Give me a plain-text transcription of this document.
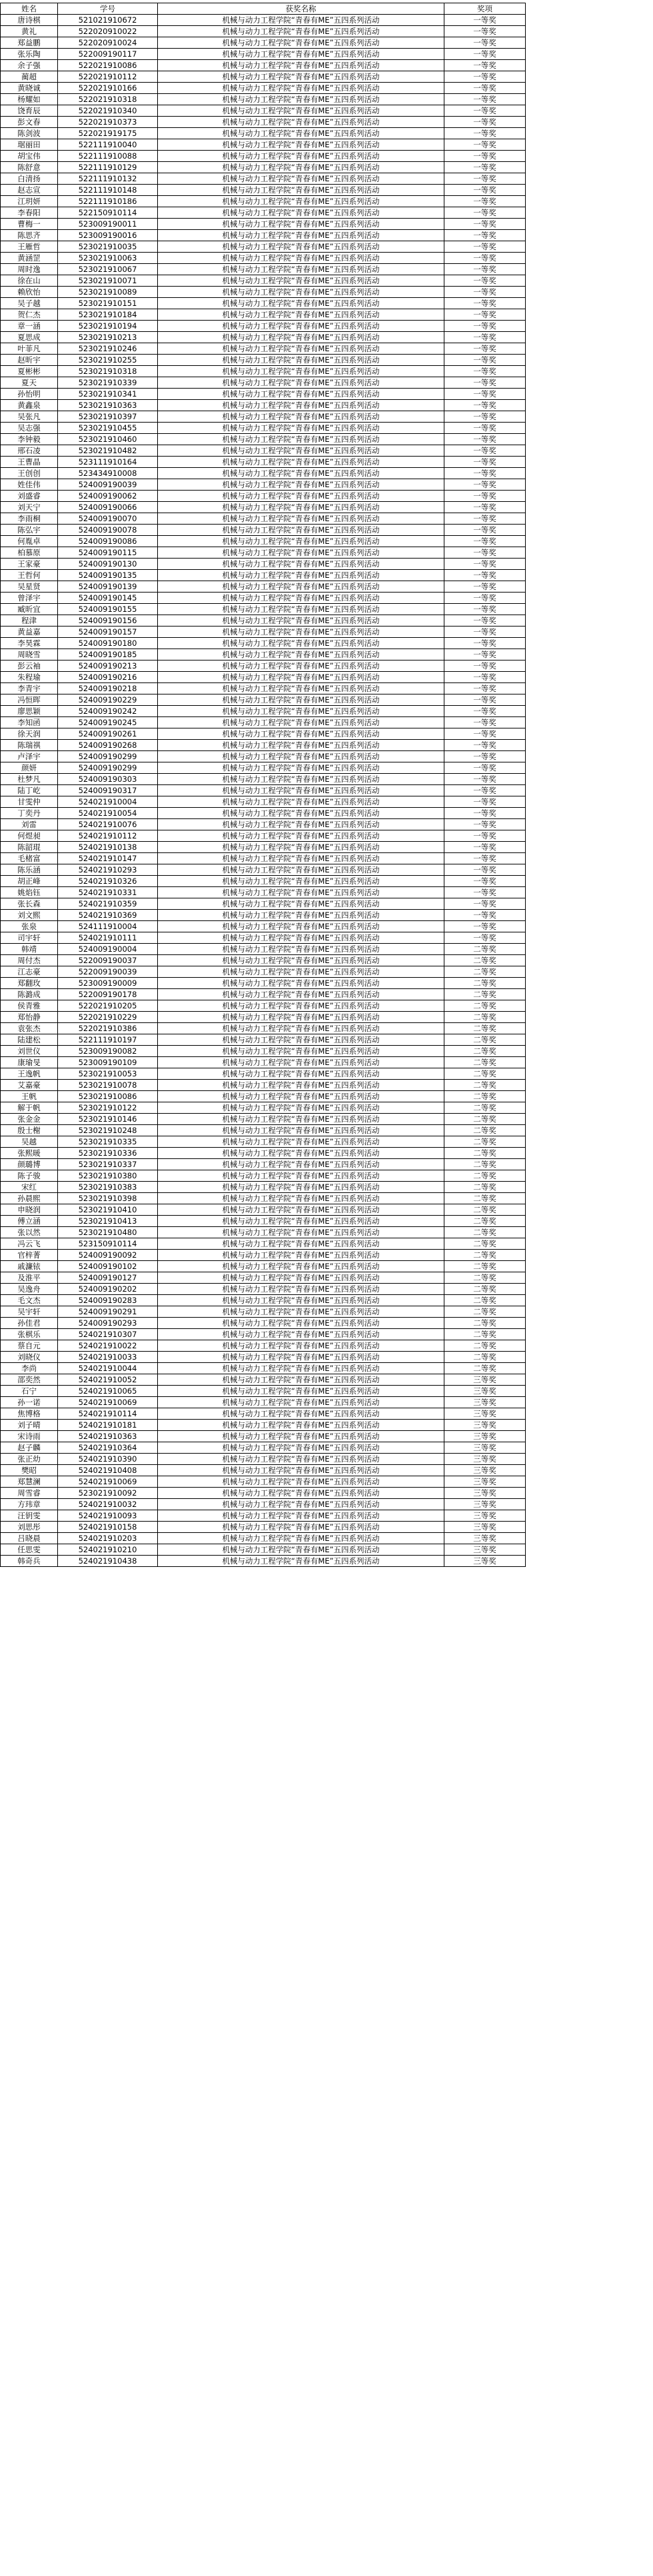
姓名	学号	获奖名称	奖项
唐诗棋	521021910672	机械与动力工程学院“青春有ME”五四系列活动	一等奖
黄礼	522020910022	机械与动力工程学院“青春有ME”五四系列活动	一等奖
郑益鹏	522020910024	机械与动力工程学院“青春有ME”五四系列活动	一等奖
张乐陶	522009190117	机械与动力工程学院“青春有ME”五四系列活动	一等奖
余子强	522021910086	机械与动力工程学院“青春有ME”五四系列活动	一等奖
蔺超	522021910112	机械与动力工程学院“青春有ME”五四系列活动	一等奖
黄晓诚	522021910166	机械与动力工程学院“青春有ME”五四系列活动	一等奖
杨耀如	522021910318	机械与动力工程学院“青春有ME”五四系列活动	一等奖
饶育辰	522021910340	机械与动力工程学院“青春有ME”五四系列活动	一等奖
彭文春	522021910373	机械与动力工程学院“青春有ME”五四系列活动	一等奖
陈剑波	522021919175	机械与动力工程学院“青春有ME”五四系列活动	一等奖
琚丽田	522111910040	机械与动力工程学院“青春有ME”五四系列活动	一等奖
胡宝伟	522111910088	机械与动力工程学院“青春有ME”五四系列活动	一等奖
陈舒意	522111910129	机械与动力工程学院“青春有ME”五四系列活动	一等奖
白清扬	522111910132	机械与动力工程学院“青春有ME”五四系列活动	一等奖
赵志宣	522111910148	机械与动力工程学院“青春有ME”五四系列活动	一等奖
江玥妍	522111910186	机械与动力工程学院“青春有ME”五四系列活动	一等奖
李春阳	522150910114	机械与动力工程学院“青春有ME”五四系列活动	一等奖
曹梅一	523009190011	机械与动力工程学院“青春有ME”五四系列活动	一等奖
陈思齐	523009190016	机械与动力工程学院“青春有ME”五四系列活动	一等奖
王雁哲	523021910035	机械与动力工程学院“青春有ME”五四系列活动	一等奖
黄涵罡	523021910063	机械与动力工程学院“青春有ME”五四系列活动	一等奖
周时逸	523021910067	机械与动力工程学院“青春有ME”五四系列活动	一等奖
徐在山	523021910071	机械与动力工程学院“青春有ME”五四系列活动	一等奖
赖欣怡	523021910089	机械与动力工程学院“青春有ME”五四系列活动	一等奖
吴子越	523021910151	机械与动力工程学院“青春有ME”五四系列活动	一等奖
贺仁杰	523021910184	机械与动力工程学院“青春有ME”五四系列活动	一等奖
章一涵	523021910194	机械与动力工程学院“青春有ME”五四系列活动	一等奖
夏思成	523021910213	机械与动力工程学院“青春有ME”五四系列活动	一等奖
叶菲凡	523021910246	机械与动力工程学院“青春有ME”五四系列活动	一等奖
赵昕宇	523021910255	机械与动力工程学院“青春有ME”五四系列活动	一等奖
夏彬彬	523021910318	机械与动力工程学院“青春有ME”五四系列活动	一等奖
夏天	523021910339	机械与动力工程学院“青春有ME”五四系列活动	一等奖
孙怡明	523021910341	机械与动力工程学院“青春有ME”五四系列活动	一等奖
黄鑫泉	523021910363	机械与动力工程学院“青春有ME”五四系列活动	一等奖
吴张凡	523021910397	机械与动力工程学院“青春有ME”五四系列活动	一等奖
吴志强	523021910455	机械与动力工程学院“青春有ME”五四系列活动	一等奖
李钟毅	523021910460	机械与动力工程学院“青春有ME”五四系列活动	一等奖
邢石凌	523021910482	机械与动力工程学院“青春有ME”五四系列活动	一等奖
王曹晶	523111910164	机械与动力工程学院“青春有ME”五四系列活动	一等奖
王创创	523434910008	机械与动力工程学院“青春有ME”五四系列活动	一等奖
姓佳伟	524009190039	机械与动力工程学院“青春有ME”五四系列活动	一等奖
刘盛睿	524009190062	机械与动力工程学院“青春有ME”五四系列活动	一等奖
刘天宁	524009190066	机械与动力工程学院“青春有ME”五四系列活动	一等奖
李雨桐	524009190070	机械与动力工程学院“青春有ME”五四系列活动	一等奖
陈弘宇	524009190078	机械与动力工程学院“青春有ME”五四系列活动	一等奖
何胤卓	524009190086	机械与动力工程学院“青春有ME”五四系列活动	一等奖
柏慕原	524009190115	机械与动力工程学院“青春有ME”五四系列活动	一等奖
王家豪	524009190130	机械与动力工程学院“青春有ME”五四系列活动	一等奖
王哲何	524009190135	机械与动力工程学院“青春有ME”五四系列活动	一等奖
吴星贤	524009190139	机械与动力工程学院“青春有ME”五四系列活动	一等奖
曾泽宇	524009190145	机械与动力工程学院“青春有ME”五四系列活动	一等奖
臧昕宜	524009190155	机械与动力工程学院“青春有ME”五四系列活动	一等奖
程津	524009190156	机械与动力工程学院“青春有ME”五四系列活动	一等奖
黄益嘉	524009190157	机械与动力工程学院“青春有ME”五四系列活动	一等奖
李昊霖	524009190180	机械与动力工程学院“青春有ME”五四系列活动	一等奖
周晓雪	524009190185	机械与动力工程学院“青春有ME”五四系列活动	一等奖
彭云袖	524009190213	机械与动力工程学院“青春有ME”五四系列活动	一等奖
朱程瑜	524009190216	机械与动力工程学院“青春有ME”五四系列活动	一等奖
李青宇	524009190218	机械与动力工程学院“青春有ME”五四系列活动	一等奖
冯恒晖	524009190229	机械与动力工程学院“青春有ME”五四系列活动	一等奖
廖思颖	524009190242	机械与动力工程学院“青春有ME”五四系列活动	一等奖
李知函	524009190245	机械与动力工程学院“青春有ME”五四系列活动	一等奖
徐天润	524009190261	机械与动力工程学院“青春有ME”五四系列活动	一等奖
陈瑞祺	524009190268	机械与动力工程学院“青春有ME”五四系列活动	一等奖
卢泽宇	524009190299	机械与动力工程学院“青春有ME”五四系列活动	一等奖
颜妍	524009190299	机械与动力工程学院“青春有ME”五四系列活动	一等奖
杜梦凡	524009190303	机械与动力工程学院“青春有ME”五四系列活动	一等奖
陆丁屹	524009190317	机械与动力工程学院“青春有ME”五四系列活动	一等奖
甘雯仲	524021910004	机械与动力工程学院“青春有ME”五四系列活动	一等奖
丁奕丹	524021910054	机械与动力工程学院“青春有ME”五四系列活动	一等奖
刘雷	524021910076	机械与动力工程学院“青春有ME”五四系列活动	一等奖
何煜昶	524021910112	机械与动力工程学院“青春有ME”五四系列活动	一等奖
陈韶琨	524021910138	机械与动力工程学院“青春有ME”五四系列活动	一等奖
毛楮富	524021910147	机械与动力工程学院“青春有ME”五四系列活动	一等奖
陈乐涵	524021910293	机械与动力工程学院“青春有ME”五四系列活动	一等奖
胡正峰	524021910326	机械与动力工程学院“青春有ME”五四系列活动	一等奖
姚焰钰	524021910331	机械与动力工程学院“青春有ME”五四系列活动	一等奖
张长森	524021910359	机械与动力工程学院“青春有ME”五四系列活动	一等奖
刘文熙	524021910369	机械与动力工程学院“青春有ME”五四系列活动	一等奖
张泉	524111910004	机械与动力工程学院“青春有ME”五四系列活动	一等奖
司宇轩	524021910111	机械与动力工程学院“青春有ME”五四系列活动	一等奖
韩靖	524009190004	机械与动力工程学院“青春有ME”五四系列活动	二等奖
周付杰	522009190037	机械与动力工程学院“青春有ME”五四系列活动	二等奖
江志豪	522009190039	机械与动力工程学院“青春有ME”五四系列活动	二等奖
郑翻玫	523009190009	机械与动力工程学院“青春有ME”五四系列活动	二等奖
陈潞成	522009190178	机械与动力工程学院“青春有ME”五四系列活动	二等奖
侯青雅	522021910205	机械与动力工程学院“青春有ME”五四系列活动	二等奖
郑怡静	522021910229	机械与动力工程学院“青春有ME”五四系列活动	二等奖
袁张杰	522021910386	机械与动力工程学院“青春有ME”五四系列活动	二等奖
陆建松	522111910197	机械与动力工程学院“青春有ME”五四系列活动	二等奖
刘世仪	523009190082	机械与动力工程学院“青春有ME”五四系列活动	二等奖
康瑜旻	523009190109	机械与动力工程学院“青春有ME”五四系列活动	二等奖
王逸帆	523021910053	机械与动力工程学院“青春有ME”五四系列活动	二等奖
艾嘉豪	523021910078	机械与动力工程学院“青春有ME”五四系列活动	二等奖
王帆	523021910086	机械与动力工程学院“青春有ME”五四系列活动	二等奖
解于帆	523021910122	机械与动力工程学院“青春有ME”五四系列活动	二等奖
张金金	523021910146	机械与动力工程学院“青春有ME”五四系列活动	二等奖
殷士榭	523021910248	机械与动力工程学院“青春有ME”五四系列活动	二等奖
吴越	523021910335	机械与动力工程学院“青春有ME”五四系列活动	二等奖
张熙暖	523021910336	机械与动力工程学院“青春有ME”五四系列活动	二等奖
颜璐博	523021910337	机械与动力工程学院“青春有ME”五四系列活动	二等奖
陈子骏	523021910380	机械与动力工程学院“青春有ME”五四系列活动	二等奖
宋红	523021910383	机械与动力工程学院“青春有ME”五四系列活动	二等奖
孙晨熙	523021910398	机械与动力工程学院“青春有ME”五四系列活动	二等奖
申晓润	523021910410	机械与动力工程学院“青春有ME”五四系列活动	二等奖
傅立涵	523021910413	机械与动力工程学院“青春有ME”五四系列活动	二等奖
张以然	523021910480	机械与动力工程学院“青春有ME”五四系列活动	二等奖
冯云飞	523150910114	机械与动力工程学院“青春有ME”五四系列活动	二等奖
官梓菁	524009190092	机械与动力工程学院“青春有ME”五四系列活动	二等奖
戚濂铱	524009190102	机械与动力工程学院“青春有ME”五四系列活动	二等奖
及淮平	524009190127	机械与动力工程学院“青春有ME”五四系列活动	二等奖
吴逸舟	524009190202	机械与动力工程学院“青春有ME”五四系列活动	二等奖
毛文杰	524009190283	机械与动力工程学院“青春有ME”五四系列活动	二等奖
吴宇轩	524009190291	机械与动力工程学院“青春有ME”五四系列活动	二等奖
孙佳君	524009190293	机械与动力工程学院“青春有ME”五四系列活动	二等奖
张棋乐	524021910307	机械与动力工程学院“青春有ME”五四系列活动	二等奖
蔡自元	524021910022	机械与动力工程学院“青春有ME”五四系列活动	二等奖
刘晓仪	524021910033	机械与动力工程学院“青春有ME”五四系列活动	二等奖
李尚	524021910044	机械与动力工程学院“青春有ME”五四系列活动	二等奖
邵奕然	524021910052	机械与动力工程学院“青春有ME”五四系列活动	三等奖
石宁	524021910065	机械与动力工程学院“青春有ME”五四系列活动	三等奖
孙一诺	524021910069	机械与动力工程学院“青春有ME”五四系列活动	三等奖
焦博格	524021910114	机械与动力工程学院“青春有ME”五四系列活动	三等奖
刘子晴	524021910181	机械与动力工程学院“青春有ME”五四系列活动	三等奖
宋诗雨	524021910363	机械与动力工程学院“青春有ME”五四系列活动	三等奖
赵子麟	524021910364	机械与动力工程学院“青春有ME”五四系列活动	三等奖
张正幼	524021910390	机械与动力工程学院“青春有ME”五四系列活动	三等奖
樊昭	524021910408	机械与动力工程学院“青春有ME”五四系列活动	三等奖
郑慧澜	524021910069	机械与动力工程学院“青春有ME”五四系列活动	三等奖
周雪睿	523021910092	机械与动力工程学院“青春有ME”五四系列活动	三等奖
方玮章	524021910032	机械与动力工程学院“青春有ME”五四系列活动	三等奖
汪钥雯	524021910093	机械与动力工程学院“青春有ME”五四系列活动	三等奖
刘思彤	524021910158	机械与动力工程学院“青春有ME”五四系列活动	三等奖
吕晓晨	524021910203	机械与动力工程学院“青春有ME”五四系列活动	三等奖
任思雯	524021910210	机械与动力工程学院“青春有ME”五四系列活动	三等奖
韩奇兵	524021910438	机械与动力工程学院“青春有ME”五四系列活动	三等奖
